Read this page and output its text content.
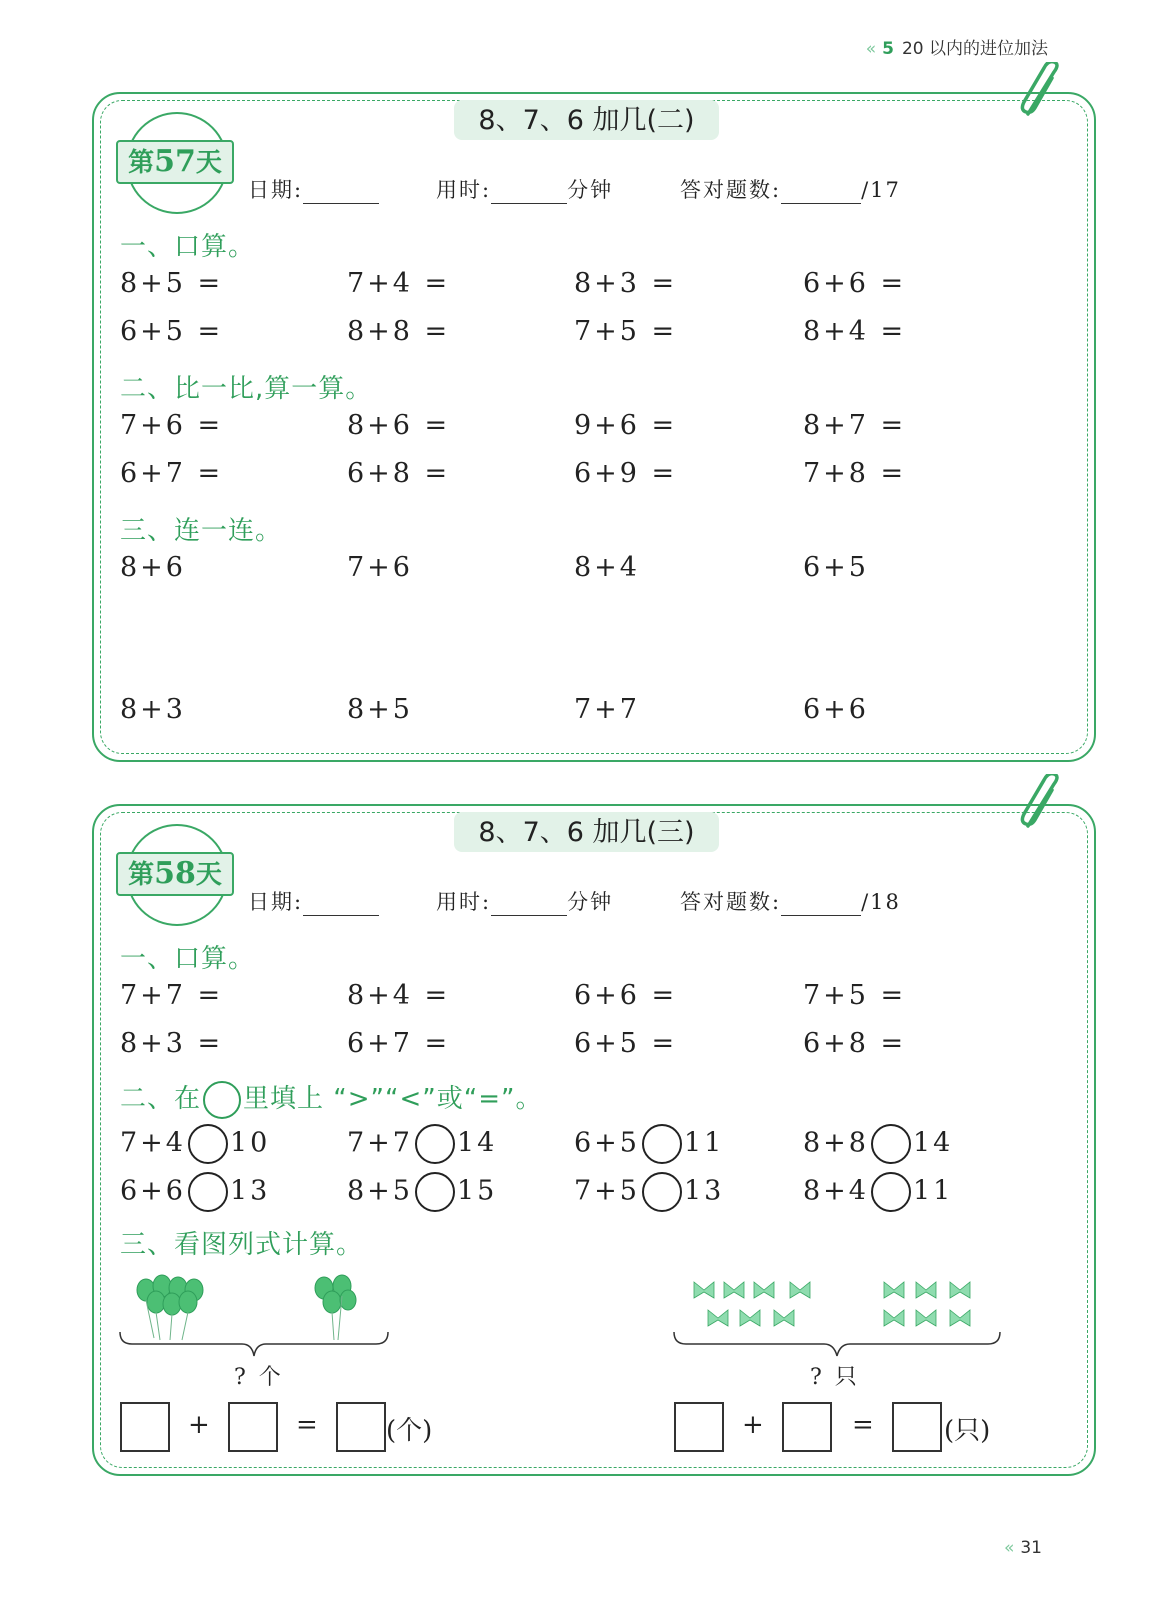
« 5 20 以内的进位加法
8、7、6 加几(二)
第57天
日期:	用时:	分钟	答对题数:	/17
一、口算。
8+5 =	7+4 =	8+3 =	6+6 =
6+5 =	8+8 =	7+5 =	8+4 =
二、比一比,算一算。
7+6 =	8+6 =	9+6 =	8+7 =
6+7 =	6+8 =	6+9 =	7+8 =
三、连一连。
8+6	7+6	8+4	6+5
8+3	8+5	7+7	6+6
8、7、6 加几(三)
第58天
日期:	用时:	分钟	答对题数:	/18
一、口算。
7+7 =	8+4 =	6+6 =	7+5 =
8+3 =	6+7 =	6+5 =	6+8 =
二、在 里填上 “>”“<”或“=”。
7+4 10	7+7 14	6+5 11	8+8 14
6+6 13	8+5 15	7+5 13	8+4 11
三、看图列式计算。
? 个	? 只
+	=	(个)	+	=	(只)
« 31
